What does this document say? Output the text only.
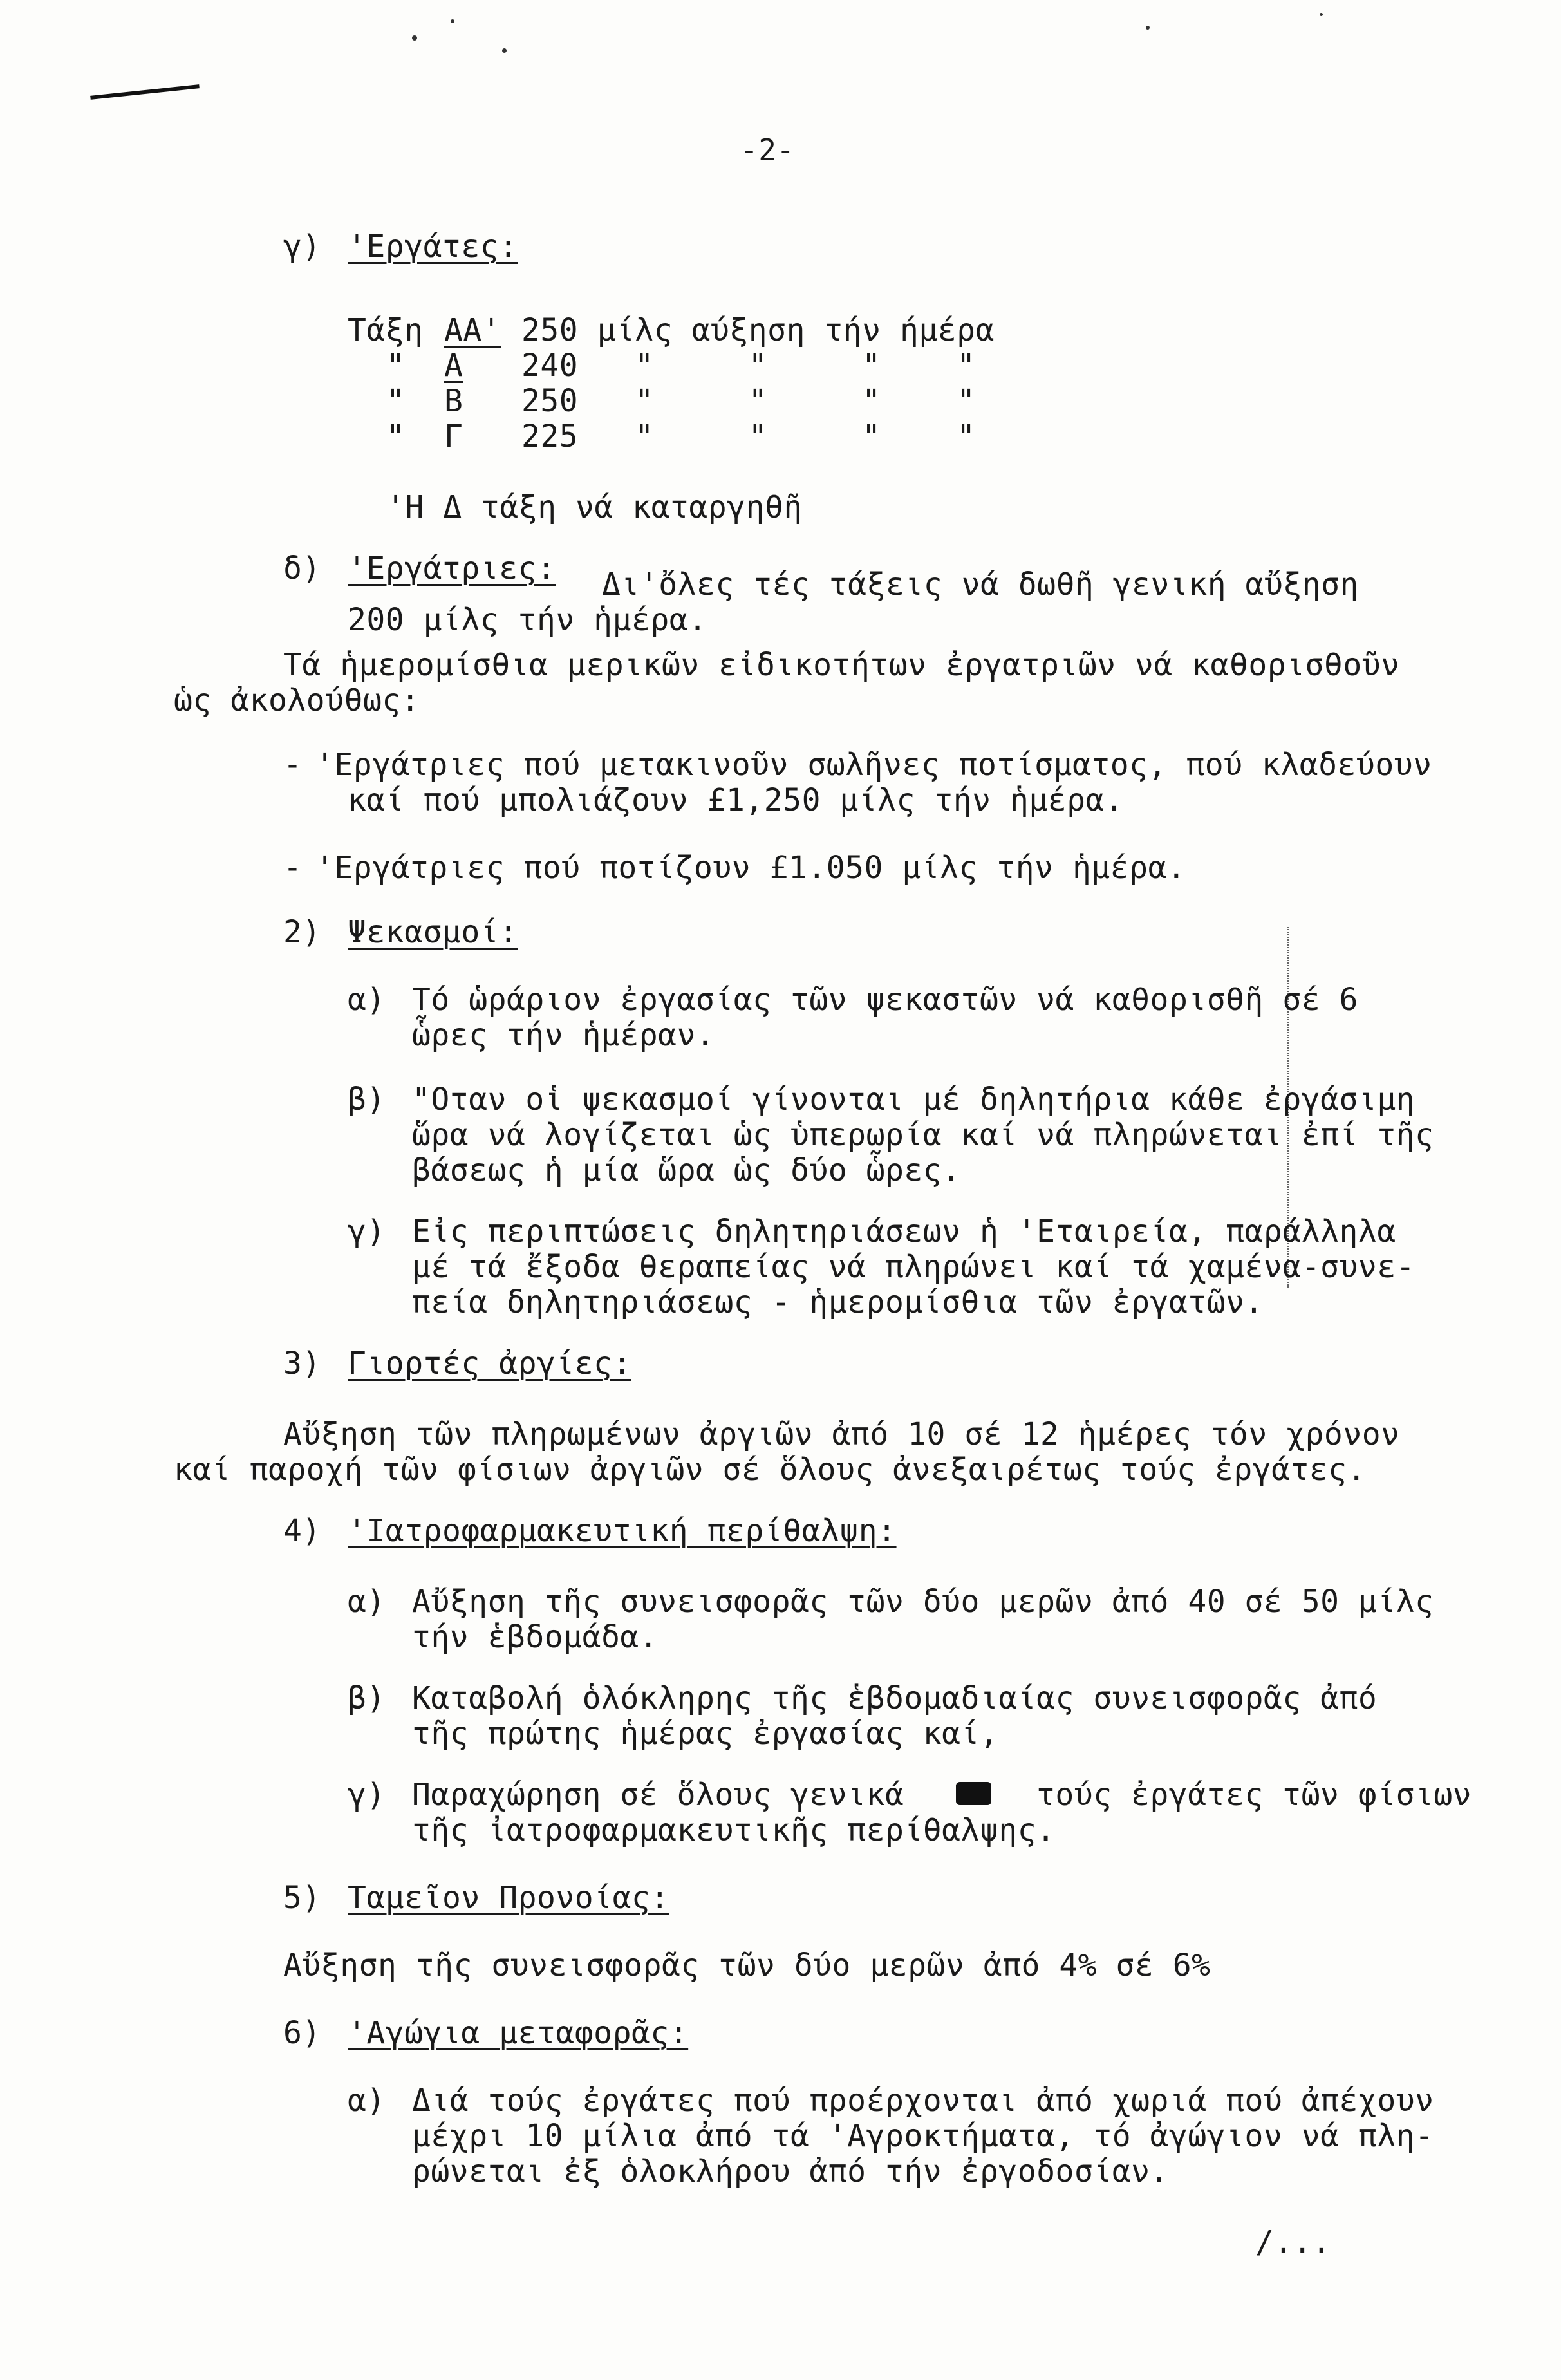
-2-
γ) 'Εργάτες:
Τάξη ΑΑ' 250 μίλς αύξηση τήν ήμέρα
" Α 240   "     "     "    "
" Β 250   "     "     "    "
" Γ 225   "     "     "    "
'Η Δ τάξη νά καταργηθῆ
δ) 'Εργάτριες: Δι'ὄλες τές τάξεις νά δωθῆ γενική αὔξηση
200 μίλς τήν ἡμέρα.
Τά ἡμερομίσθια μερικῶν εἰδικοτήτων ἐργατριῶν νά καθορισθοῦν
ὡς ἀκολούθως:
- 'Εργάτριες πού μετακινοῦν σωλῆνες ποτίσματος, πού κλαδεύουν
καί πού μπολιάζουν £1,250 μίλς τήν ἡμέρα.
- 'Εργάτριες πού ποτίζουν £1.050 μίλς τήν ἡμέρα.
2) Ψεκασμοί:
α) Τό ὡράριον ἐργασίας τῶν ψεκαστῶν νά καθορισθῆ σέ 6
ὧρες τήν ἡμέραν.
β) "Οταν οἱ ψεκασμοί γίνονται μέ δηλητήρια κάθε ἐργάσιμη
ὥρα νά λογίζεται ὡς ὑπερωρία καί νά πληρώνεται ἐπί τῆς
βάσεως ἡ μία ὥρα ὡς δύο ὧρες.
γ) Εἰς περιπτώσεις δηλητηριάσεων ἡ 'Εταιρεία, παράλληλα
μέ τά ἔξοδα θεραπείας νά πληρώνει καί τά χαμένα-συνε-
πεία δηλητηριάσεως - ἡμερομίσθια τῶν ἐργατῶν.
3) Γιορτές ἀργίες:
Αὔξηση τῶν πληρωμένων ἀργιῶν ἀπό 10 σέ 12 ἡμέρες τόν χρόνον
καί παροχή τῶν φίσιων ἀργιῶν σέ ὅλους ἀνεξαιρέτως τούς ἐργάτες.
4) 'Ιατροφαρμακευτική περίθαλψη:
α) Αὔξηση τῆς συνεισφορᾶς τῶν δύο μερῶν ἀπό 40 σέ 50 μίλς
τήν ἑβδομάδα.
β) Καταβολή ὁλόκληρης τῆς ἑβδομαδιαίας συνεισφορᾶς ἀπό
τῆς πρώτης ἡμέρας ἐργασίας καί,
γ) Παραχώρηση σέ ὅλους γενικά	τούς ἐργάτες τῶν φίσιων
τῆς ἰατροφαρμακευτικῆς περίθαλψης.
5) Ταμεῖον Προνοίας:
Αὔξηση τῆς συνεισφορᾶς τῶν δύο μερῶν ἀπό 4% σέ 6%
6) 'Αγώγια μεταφορᾶς:
α) Διά τούς ἐργάτες πού προέρχονται ἀπό χωριά πού ἀπέχουν
μέχρι 10 μίλια ἀπό τά 'Αγροκτήματα, τό ἀγώγιον νά πλη-
ρώνεται ἐξ ὁλοκλήρου ἀπό τήν ἐργοδοσίαν.
/...
